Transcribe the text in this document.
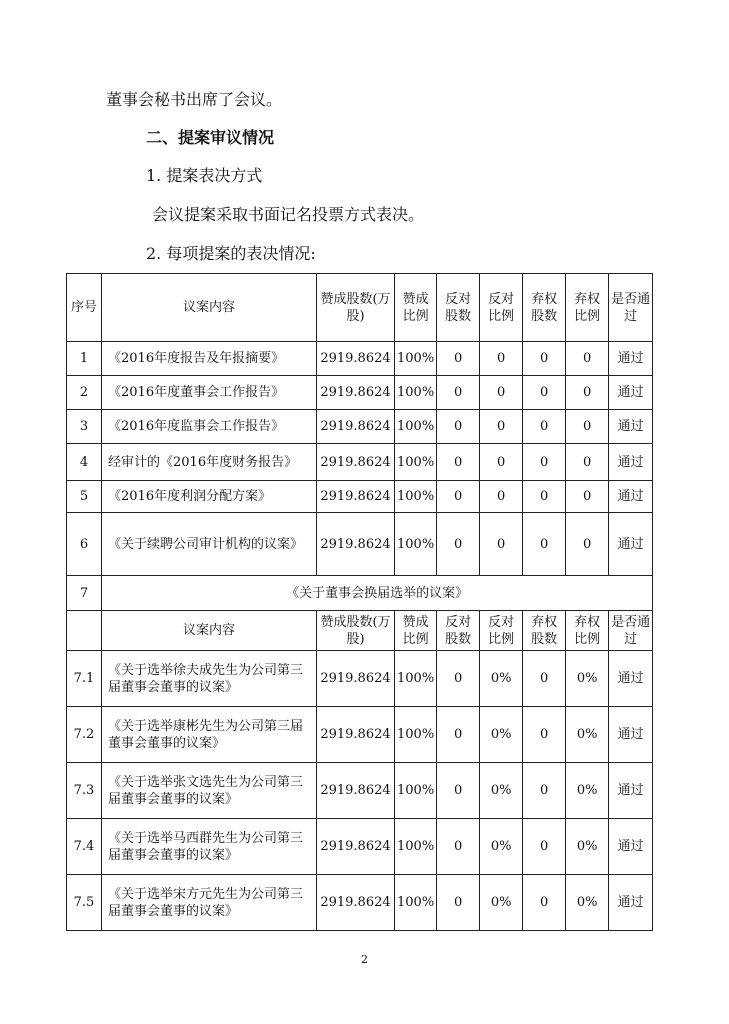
董事会秘书出席了会议。
二、提案审议情况
1. 提案表决方式
会议提案采取书面记名投票方式表决。
2. 每项提案的表决情况:
序号	议案内容	赞成股数(万股)	赞成比例	反对股数	反对比例	弃权股数	弃权比例	是否通过
1	《2016年度报告及年报摘要》	2919.8624	100%	0	0	0	0	通过
2	《2016年度董事会工作报告》	2919.8624	100%	0	0	0	0	通过
3	《2016年度监事会工作报告》	2919.8624	100%	0	0	0	0	通过
4	经审计的《2016年度财务报告》	2919.8624	100%	0	0	0	0	通过
5	《2016年度利润分配方案》	2919.8624	100%	0	0	0	0	通过
6	《关于续聘公司审计机构的议案》	2919.8624	100%	0	0	0	0	通过
7	《关于董事会换届选举的议案》							
	议案内容	赞成股数(万股)	赞成比例	反对股数	反对比例	弃权股数	弃权比例	是否通过
7.1	《关于选举徐夫成先生为公司第三届董事会董事的议案》	2919.8624	100%	0	0%	0	0%	通过
7.2	《关于选举康彬先生为公司第三届董事会董事的议案》	2919.8624	100%	0	0%	0	0%	通过
7.3	《关于选举张文选先生为公司第三届董事会董事的议案》	2919.8624	100%	0	0%	0	0%	通过
7.4	《关于选举马西群先生为公司第三届董事会董事的议案》	2919.8624	100%	0	0%	0	0%	通过
7.5	《关于选举宋方元先生为公司第三届董事会董事的议案》	2919.8624	100%	0	0%	0	0%	通过
2
